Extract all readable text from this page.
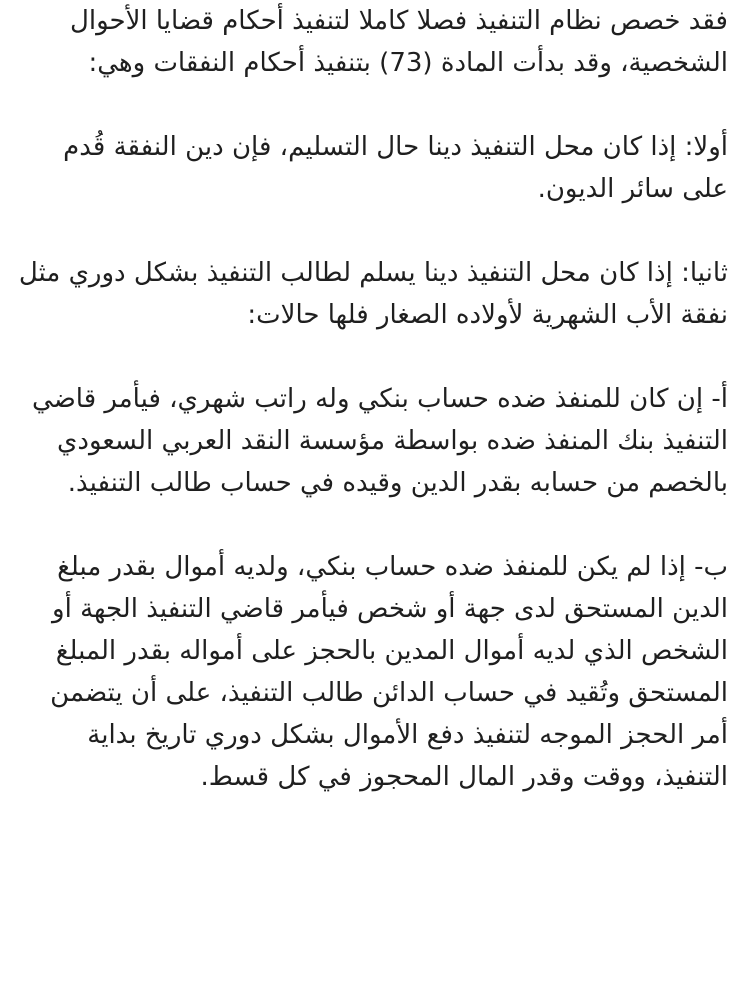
فقد خصص نظام التنفيذ فصلا كاملا لتنفيذ أحكام قضايا الأحوال الشخصية، وقد بدأت المادة (73) بتنفيذ أحكام النفقات وهي:

أولا: إذا كان محل التنفيذ دينا حال التسليم، فإن دين النفقة قُدم على سائر الديون.

ثانيا: إذا كان محل التنفيذ دينا يسلم لطالب التنفيذ بشكل دوري مثل نفقة الأب الشهرية لأولاده الصغار فلها حالات:

أ- إن كان للمنفذ ضده حساب بنكي وله راتب شهري، فيأمر قاضي التنفيذ بنك المنفذ ضده بواسطة مؤسسة النقد العربي السعودي بالخصم من حسابه بقدر الدين وقيده في حساب طالب التنفيذ.

ب- إذا لم يكن للمنفذ ضده حساب بنكي، ولديه أموال بقدر مبلغ الدين المستحق لدى جهة أو شخص فيأمر قاضي التنفيذ الجهة أو الشخص الذي لديه أموال المدين بالحجز على أمواله بقدر المبلغ المستحق وتُقيد في حساب الدائن طالب التنفيذ، على أن يتضمن أمر الحجز الموجه لتنفيذ دفع الأموال بشكل دوري تاريخ بداية التنفيذ، ووقت وقدر المال المحجوز في كل قسط.
